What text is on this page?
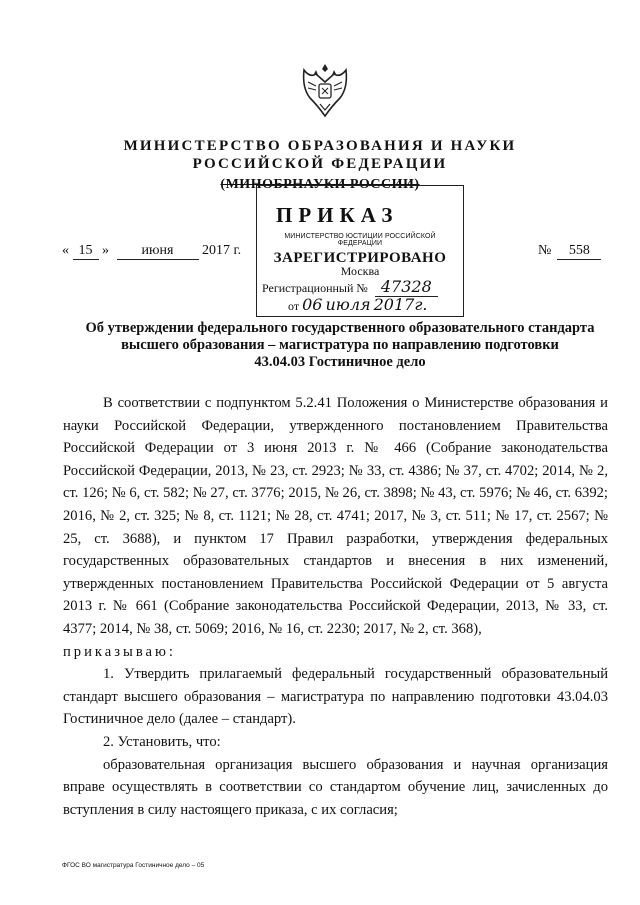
МИНИСТЕРСТВО ОБРАЗОВАНИЯ И НАУКИ
РОССИЙСКОЙ ФЕДЕРАЦИИ
(МИНОБРНАУКИ РОССИИ)
ПРИКАЗ
« 15 » июня 2017 г.	№ 558
МИНИСТЕРСТВО ЮСТИЦИИ РОССИЙСКОЙ ФЕДЕРАЦИИ
ЗАРЕГИСТРИРОВАНО
Москва
Регистрационный № 47328
от 06 июля 2017г.
Об утверждении федерального государственного образовательного стандарта
высшего образования – магистратура по направлению подготовки
43.04.03 Гостиничное дело

В соответствии с подпунктом 5.2.41 Положения о Министерстве образования и науки Российской Федерации, утвержденного постановлением Правительства Российской Федерации от 3 июня 2013 г. № 466 (Собрание законодательства Российской Федерации, 2013, № 23, ст. 2923; № 33, ст. 4386; № 37, ст. 4702; 2014, № 2, ст. 126; № 6, ст. 582; № 27, ст. 3776; 2015, № 26, ст. 3898; № 43, ст. 5976; № 46, ст. 6392; 2016, № 2, ст. 325; № 8, ст. 1121; № 28, ст. 4741; 2017, № 3, ст. 511; № 17, ст. 2567; № 25, ст. 3688), и пунктом 17 Правил разработки, утверждения федеральных государственных образовательных стандартов и внесения в них изменений, утвержденных постановлением Правительства Российской Федерации от 5 августа 2013 г. № 661 (Собрание законодательства Российской Федерации, 2013, № 33, ст. 4377; 2014, № 38, ст. 5069; 2016, № 16, ст. 2230; 2017, № 2, ст. 368),

приказываю:

1. Утвердить прилагаемый федеральный государственный образовательный стандарт высшего образования – магистратура по направлению подготовки 43.04.03 Гостиничное дело (далее – стандарт).

2. Установить, что:

образовательная организация высшего образования и научная организация вправе осуществлять в соответствии со стандартом обучение лиц, зачисленных до вступления в силу настоящего приказа, с их согласия;

ФГОС ВО магистратура Гостиничное дело – 05
